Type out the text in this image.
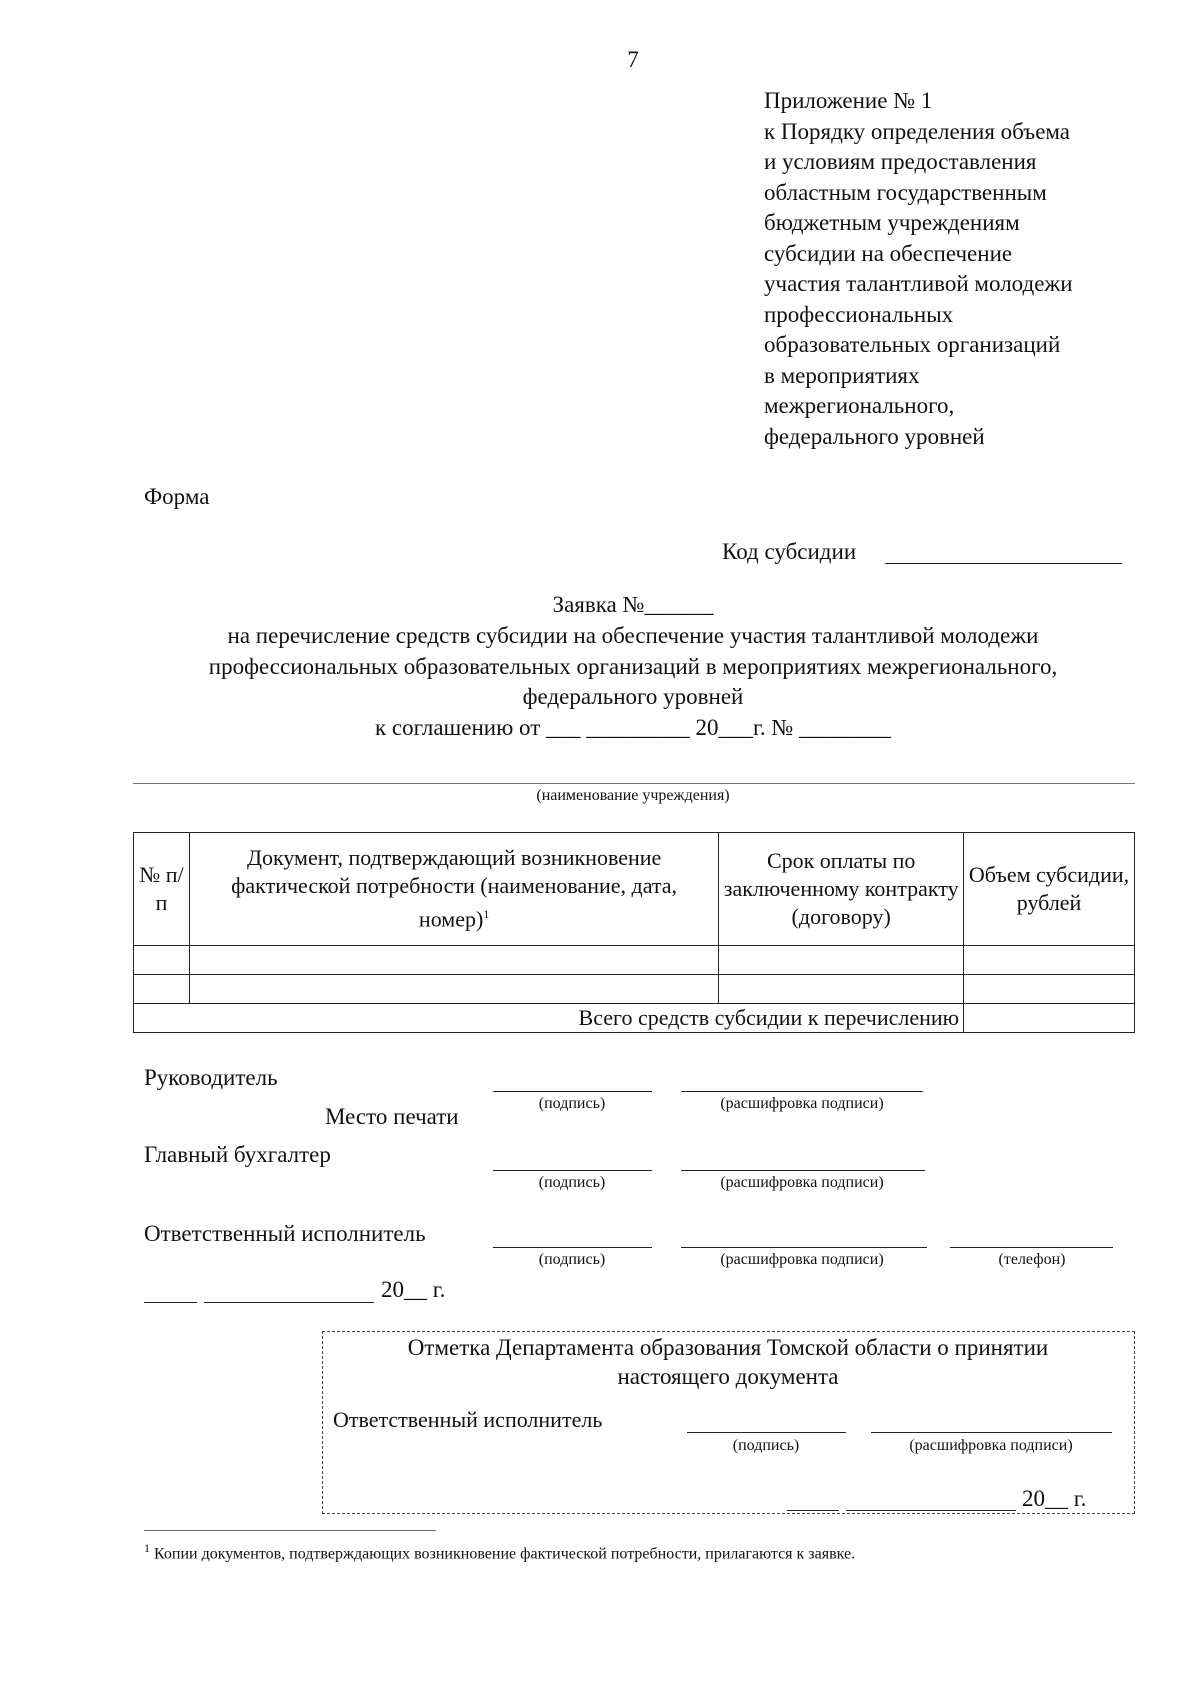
7
Приложение № 1
к Порядку определения объема
и условиям предоставления
областным государственным
бюджетным учреждениям
субсидии на обеспечение
участия талантливой молодежи
профессиональных
образовательных организаций
в мероприятиях
межрегионального,
федерального уровней
Форма
Код субсидии
Заявка №______
на перечисление средств субсидии на обеспечение участия талантливой молодежи
профессиональных образовательных организаций в мероприятиях межрегионального,
федерального уровней
к соглашению от ___ _________ 20___г. № ________
(наименование учреждения)
№ п/п	Документ, подтверждающий возникновение фактической потребности (наименование, дата, номер)$^1$	Срок оплаты по заключенному контракту (договору)	Объем субсидии, рублей

Всего средств субсидии к перечислению			
Руководитель
(подпись)	(расшифровка подписи)
Место печати
Главный бухгалтер
(подпись)	(расшифровка подписи)
Ответственный исполнитель
(подпись)	(расшифровка подписи)	(телефон)
20__ г.
Отметка Департамента образования Томской области о принятии
настоящего документа
Ответственный исполнитель
(подпись)	(расшифровка подписи)
20__ г.
$^1$ Копии документов, подтверждающих возникновение фактической потребности, прилагаются к заявке.
